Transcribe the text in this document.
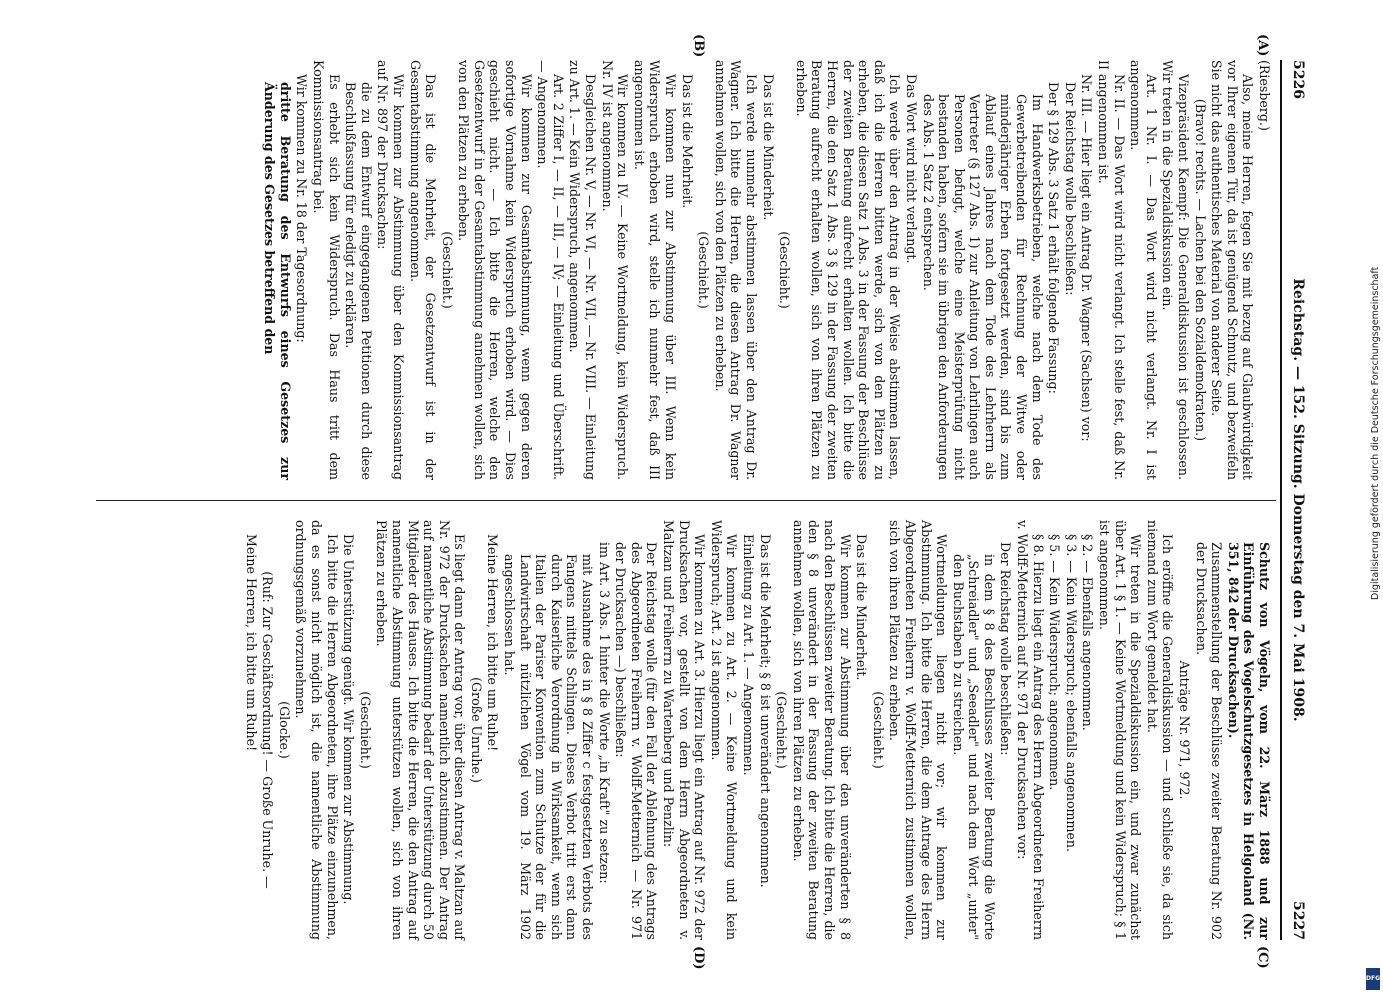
5226
Reichstag. — 152. Sitzung. Donnerstag den 7. Mai 1908.
5227
(A)
(B)
(C)
(D)

(Riesberg.)

Also, meine Herren, fegen Sie mit bezug auf Glaubwürdigkeit vor Ihrer eigenen Tür, da ist genügend Schmutz, und bezweifeln Sie nicht das authentisches Material von anderer Seite.

(Bravo! rechts. — Lachen bei den Sozialdemokraten.)

Vizepräsident Kaempf: Die Generaldiskussion ist geschlossen. Wir treten in die Spezialdiskussion ein.

Art. 1 Nr. I. — Das Wort wird nicht verlangt. Nr. I ist angenommen.

Nr. II. — Das Wort wird nicht verlangt. Ich stelle fest, daß Nr. II angenommen ist.

Nr. III. — Hier liegt ein Antrag Dr. Wagner (Sachsen) vor:

Der Reichstag wolle beschließen:

Der § 129 Abs. 3 Satz 1 erhält folgende Fassung:

Im Handwerksbetrieben, welche nach dem Tode des Gewerbetreibenden für Rechnung der Witwe oder minderjähriger Erben fortgesetzt werden, sind bis zum Ablauf eines Jahres nach dem Tode des Lehrherrn als Vertreter (§ 127 Abs. 1) zur Anleitung von Lehrlingen auch Personen befugt, welche eine Meisterprüfung nicht bestanden haben, sofern sie im übrigen den Anforderungen des Abs. 1 Satz 2 entsprechen.

Das Wort wird nicht verlangt.

Ich werde über den Antrag in der Weise abstimmen lassen, daß ich die Herren bitten werde, sich von den Plätzen zu erheben, die diesen Satz 1 Abs. 3 in der Fassung der Beschlüsse der zweiten Beratung aufrecht erhalten wollen. Ich bitte die Herren, die den Satz 1 Abs. 3 § 129 in der Fassung der zweiten Beratung aufrecht erhalten wollen, sich von ihren Plätzen zu erheben.

(Geschieht.)

Das ist die Minderheit.

Ich werde nunmehr abstimmen lassen über den Antrag Dr. Wagner. Ich bitte die Herren, die diesen Antrag Dr. Wagner annehmen wollen, sich von den Plätzen zu erheben.

(Geschieht.)

Das ist die Mehrheit.

Wir kommen nun zur Abstimmung über III. Wenn kein Widerspruch erhoben wird, stelle ich nunmehr fest, daß III angenommen ist.

Wir kommen zu IV. — Keine Wortmeldung, kein Widerspruch. Nr. IV ist angenommen.

Desgleichen Nr. V, — Nr. VI, — Nr. VII, — Nr. VIII. — Einleitung zu Art. 1. — Kein Widerspruch, angenommen.

Art. 2 Ziffer I, — II, — III, — IV; — Einleitung und Überschrift. — Angenommen.

Wir kommen zur Gesamtabstimmung, wenn gegen deren sofortige Vornahme kein Widerspruch erhoben wird. — Dies geschieht nicht. — Ich bitte die Herren, welche den Gesetzentwurf in der Gesamtabstimmung annehmen wollen, sich von den Plätzen zu erheben.

(Geschieht.)

Das ist die Mehrheit, der Gesetzentwurf ist in der Gesamtabstimmung angenommen.

Wir kommen zur Abstimmung über den Kommissionsantrag auf Nr. 897 der Drucksachen:

die zu dem Entwurf eingegangenen Petitionen durch diese Beschlußfassung für erledigt zu erklären.

Es erhebt sich kein Widerspruch. Das Haus tritt dem Kommissionsantrag bei.

Wir kommen zu Nr. 18 der Tagesordnung:

dritte Beratung des Entwurfs eines Gesetzes zur Änderung des Gesetzes betreffend den

Schutz von Vögeln, vom 22. März 1888 und zur Einführung des Vogelschutzgesetzes in Helgoland (Nr. 351, 842 der Drucksachen).

Zusammenstellung der Beschlüsse zweiter Beratung Nr. 902 der Drucksachen.

Anträge Nr. 971, 972.

Ich eröffne die Generaldiskussion — und schließe sie, da sich niemand zum Wort gemeldet hat.

Wir treten in die Spezialdiskussion ein, und zwar zunächst über Art. 1 § 1. — Keine Wortmeldung und kein Widerspruch; § 1 ist angenommen.

§ 2. — Ebenfalls angenommen.

§ 3. — Kein Widerspruch; ebenfalls angenommen.

§ 5. — Kein Widerspruch; angenommen.

§ 8. Hierzu liegt ein Antrag des Herrn Abgeordneten Freiherrn v. Wolff-Metternich auf Nr. 971 der Drucksachen vor:

Der Reichstag wolle beschließen:

in dem § 8 des Beschlusses zweiter Beratung die Worte „Schreiadler" und „Seeadler" und nach dem Wort „unter" den Buchstaben b zu streichen.

Wortmeldungen liegen nicht vor; wir kommen zur Abstimmung. Ich bitte die Herren, die dem Antrage des Herrn Abgeordneten Freiherrn v. Wolff-Metternich zustimmen wollen, sich von ihren Plätzen zu erheben.

(Geschieht.)

Das ist die Minderheit.

Wir kommen zur Abstimmung über den unveränderten § 8 nach den Beschlüssen zweiter Beratung. Ich bitte die Herren, die den § 8 unverändert in der Fassung der zweiten Beratung annehmen wollen, sich von ihren Plätzen zu erheben.

(Geschieht.)

Das ist die Mehrheit; § 8 ist unverändert angenommen.

Einleitung zu Art. 1. — Angenommen.

Wir kommen zu Art. 2. — Keine Wortmeldung und kein Widerspruch; Art. 2 ist angenommen.

Wir kommen zu Art. 3. Hierzu liegt ein Antrag auf Nr. 972 der Drucksachen vor, gestellt von dem Herrn Abgeordneten v. Maltzan und Freiherrn zu Wartenberg und Penzlin:

Der Reichstag wolle (für den Fall der Ablehnung des Antrags des Abgeordneten Freiherrn v. Wolff-Metternich — Nr. 971 der Drucksachen —) beschließen:

im Art. 3 Abs. 1 hinter die Worte „in Kraft" zu setzen:

mit Ausnahme des in § 8 Ziffer c festgesetzten Verbots des Fangens mittels Schlingen. Dieses Verbot tritt erst dann durch Kaiserliche Verordnung in Wirksamkeit, wenn sich Italien der Pariser Konvention zum Schutze der für die Landwirtschaft nützlichen Vögel vom 19. März 1902 angeschlossen hat.

Meine Herren, ich bitte um Ruhe!

(Große Unruhe.)

Es liegt dann der Antrag vor, über diesen Antrag v. Maltzan auf Nr. 972 der Drucksachen namentlich abzustimmen. Der Antrag auf namentliche Abstimmung bedarf der Unterstützung durch 50 Mitglieder des Hauses. Ich bitte die Herren, die den Antrag auf namentliche Abstimmung unterstützen wollen, sich von ihren Plätzen zu erheben.

(Geschieht.)

Die Unterstützung genügt. Wir kommen zur Abstimmung.

Ich bitte die Herren Abgeordneten, ihre Plätze einzunehmen, da es sonst nicht möglich ist, die namentliche Abstimmung ordnungsgemäß vorzunehmen.

(Glocke.)

(Ruf: Zur Geschäftsordnung! — Große Unruhe. —

Meine Herren, ich bitte um Ruhe!

Digitalisierung gefördert durch die Deutsche Forschungsgemeinschaft
DFG
